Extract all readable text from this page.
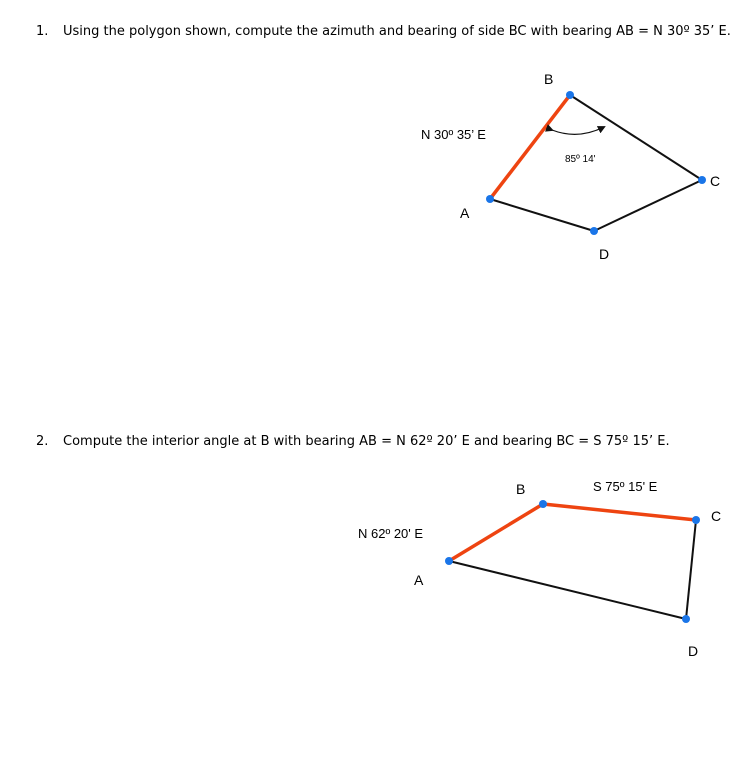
1. Using the polygon shown, compute the azimuth and bearing of side BC with bearing AB = N 30º 35’ E.
B
C
A
D
N 30º 35’ E
85º 14'
2. Compute the interior angle at B with bearing AB = N 62º 20’ E and bearing BC = S 75º 15’ E.
B
C
A
D
N 62º 20' E
S 75º 15' E
